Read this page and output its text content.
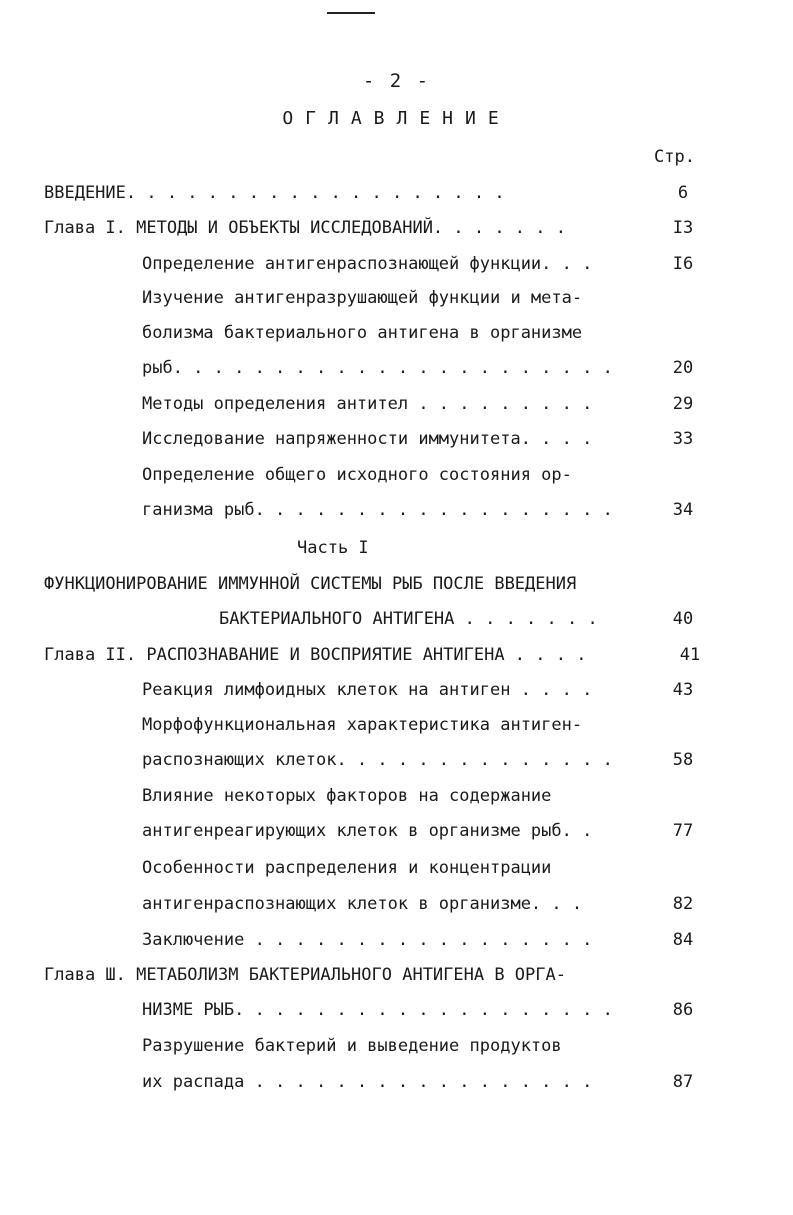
- 2 -
ОГЛАВЛЕНИЕ
Стр.
ВВЕДЕНИЕ. . . . . . . . . . . . . . . . . . .	6
Глава I. МЕТОДЫ И ОБЪЕКТЫ ИССЛЕДОВАНИЙ. . . . . . .	I3
Определение антигенраспознающей функции. . .	I6
Изучение антигенразрушающей функции и мета-
болизма бактериального антигена в организме
рыб. . . . . . . . . . . . . . . . . . . . . .	20
Методы определения антител . . . . . . . . .	29
Исследование напряженности иммунитета. . . .	33
Определение общего исходного состояния ор-
ганизма рыб. . . . . . . . . . . . . . . . . .	34
Часть I
ФУНКЦИОНИРОВАНИЕ ИММУННОЙ СИСТЕМЫ РЫБ ПОСЛЕ ВВЕДЕНИЯ
БАКТЕРИАЛЬНОГО АНТИГЕНА . . . . . . .	40
Глава II. РАСПОЗНАВАНИЕ И ВОСПРИЯТИЕ АНТИГЕНА . . . .	41
Реакция лимфоидных клеток на антиген . . . .	43
Морфофункциональная характеристика антиген-
распознающих клеток. . . . . . . . . . . . . .	58
Влияние некоторых факторов на содержание
антигенреагирующих клеток в организме рыб. .	77
Особенности распределения и концентрации
антигенраспознающих клеток в организме. . .	82
Заключение . . . . . . . . . . . . . . . . .	84
Глава Ш. МЕТАБОЛИЗМ БАКТЕРИАЛЬНОГО АНТИГЕНА В ОРГА-
НИЗМЕ РЫБ. . . . . . . . . . . . . . . . . . .	86
Разрушение бактерий и выведение продуктов
их распада . . . . . . . . . . . . . . . . .	87
